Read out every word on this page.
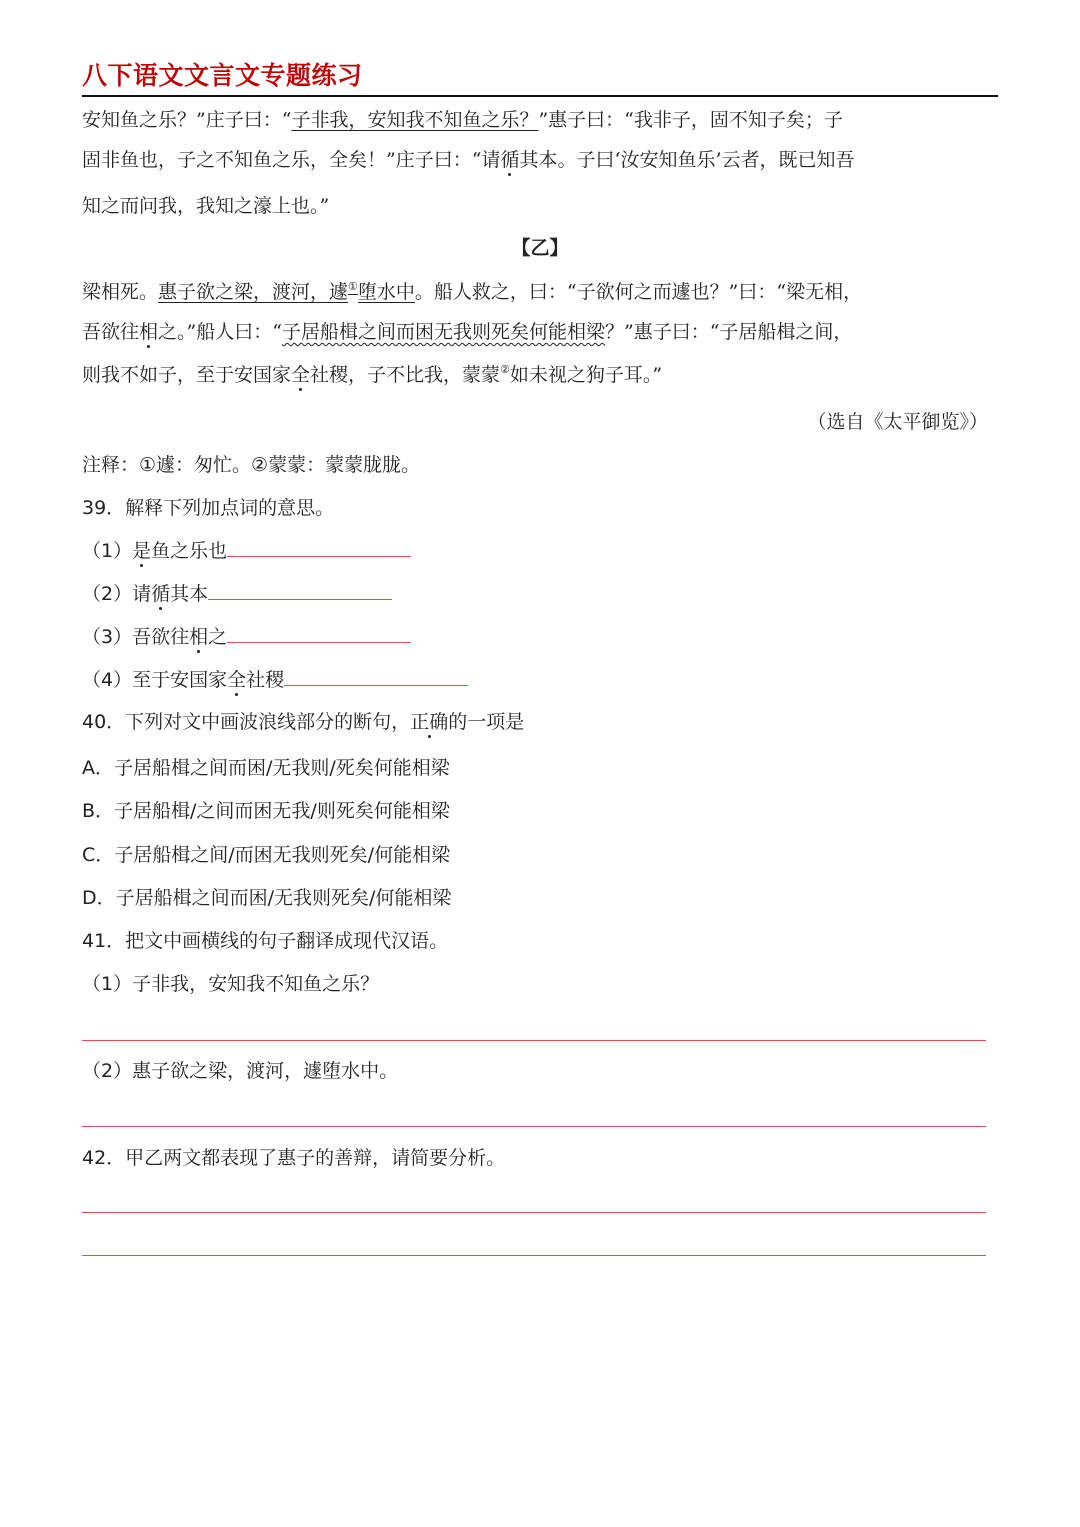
八下语文文言文专题练习
安知鱼之乐？”庄子曰：“子非我，安知我不知鱼之乐？”惠子曰：“我非子，固不知子矣；子
固非鱼也，子之不知鱼之乐，全矣！”庄子曰：“请循其本。子曰‘汝安知鱼乐’云者，既已知吾
知之而问我，我知之濠上也。”
【乙】
梁相死。惠子欲之梁，渡河，遽①堕水中。船人救之，曰：“子欲何之而遽也？”曰：“梁无相，
吾欲往相之。”船人曰：“子居船楫之间而困无我则死矣何能相梁？”惠子曰：“子居船楫之间，
则我不如子，至于安国家全社稷，子不比我，蒙蒙②如未视之狗子耳。”
（选自《太平御览》）
注释：①遽：匆忙。②蒙蒙：蒙蒙胧胧。
39．解释下列加点词的意思。
（1）是鱼之乐也
（2）请循其本
（3）吾欲往相之
（4）至于安国家全社稷
40．下列对文中画波浪线部分的断句，正确的一项是
A．子居船楫之间而困/无我则/死矣何能相梁
B．子居船楫/之间而困无我/则死矣何能相梁
C．子居船楫之间/而困无我则死矣/何能相梁
D．子居船楫之间而困/无我则死矣/何能相梁
41．把文中画横线的句子翻译成现代汉语。
（1）子非我，安知我不知鱼之乐？
（2）惠子欲之梁，渡河，遽堕水中。
42．甲乙两文都表现了惠子的善辩，请简要分析。
